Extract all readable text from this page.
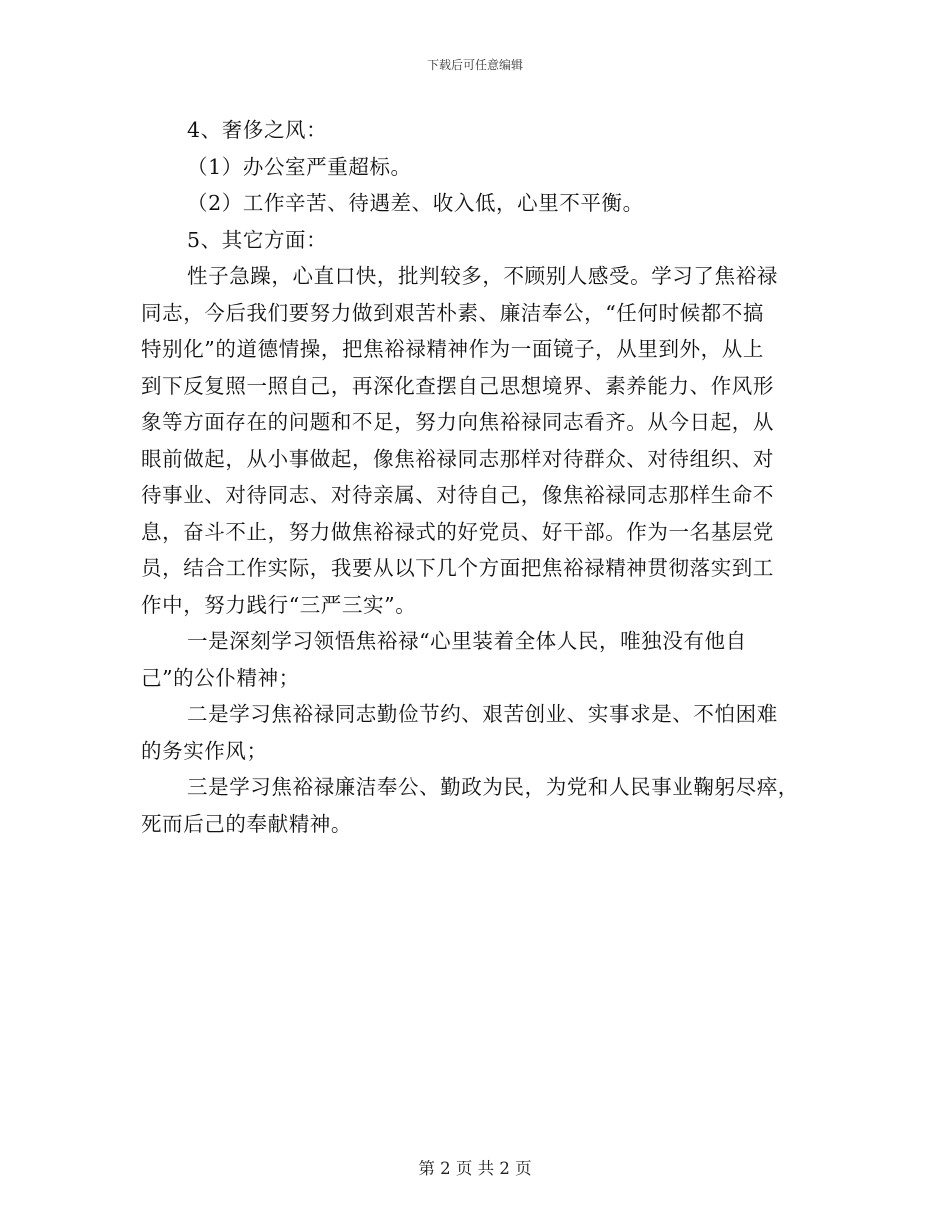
下载后可任意编辑
4、奢侈之风：
（1）办公室严重超标。
（2）工作辛苦、待遇差、收入低，心里不平衡。
5、其它方面：
性子急躁，心直口快，批判较多，不顾别人感受。学习了焦裕禄
同志，今后我们要努力做到艰苦朴素、廉洁奉公，“任何时候都不搞
特别化”的道德情操，把焦裕禄精神作为一面镜子，从里到外，从上
到下反复照一照自己，再深化查摆自己思想境界、素养能力、作风形
象等方面存在的问题和不足，努力向焦裕禄同志看齐。从今日起，从
眼前做起，从小事做起，像焦裕禄同志那样对待群众、对待组织、对
待事业、对待同志、对待亲属、对待自己，像焦裕禄同志那样生命不
息，奋斗不止，努力做焦裕禄式的好党员、好干部。作为一名基层党
员，结合工作实际，我要从以下几个方面把焦裕禄精神贯彻落实到工
作中，努力践行“三严三实”。
一是深刻学习领悟焦裕禄“心里装着全体人民，唯独没有他自
己”的公仆精神；
二是学习焦裕禄同志勤俭节约、艰苦创业、实事求是、不怕困难
的务实作风；
三是学习焦裕禄廉洁奉公、勤政为民，为党和人民事业鞠躬尽瘁，
死而后己的奉献精神。
第 2 页 共 2 页
